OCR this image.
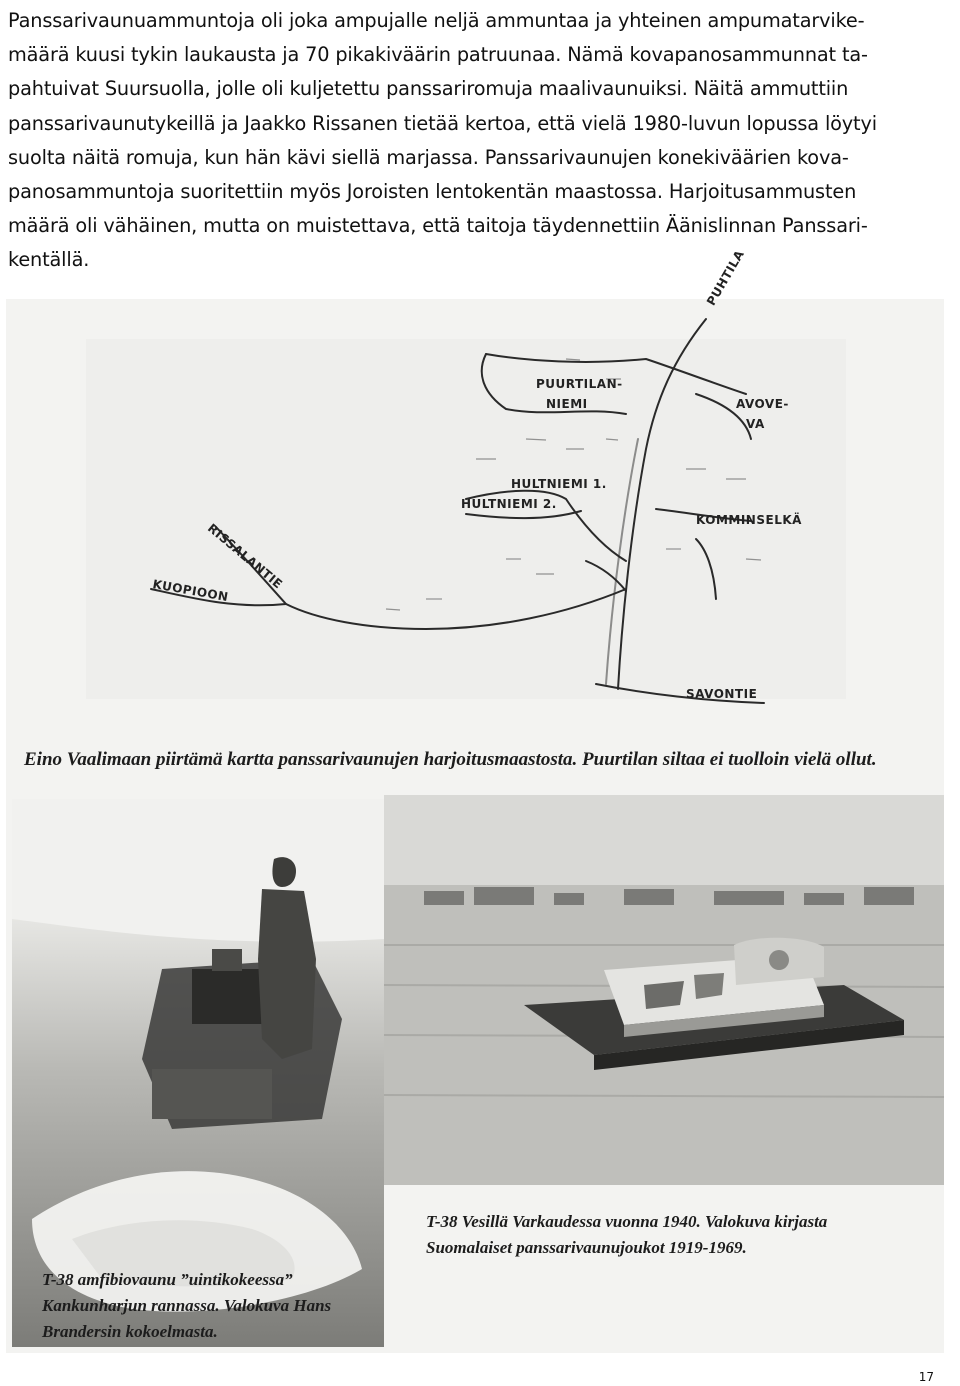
Panssarivaunuammuntoja oli joka ampujalle neljä ammuntaa ja yhteinen ampumatarvike-
määrä kuusi tykin laukausta ja 70 pikakiväärin patruunaa. Nämä kovapanosammunnat ta-
pahtuivat Suursuolla, jolle oli kuljetettu panssariromuja maalivaunuiksi. Näitä ammuttiin
panssarivaunutykeillä ja Jaakko Rissanen tietää kertoa, että vielä 1980-luvun lopussa löytyi
suolta näitä romuja, kun hän kävi siellä marjassa. Panssarivaunujen konekiväärien kova-
panosammuntoja suoritettiin myös Joroisten lentokentän maastossa. Harjoitusammusten
määrä oli vähäinen, mutta on muistettava, että taitoja täydennettiin Äänislinnan Panssari-
kentällä.	PUHTILA
PUURTILAN-
NIEMI	AVOVE-
VA
HULTNIEMI 1.
HULTNIEMI 2.
KOMMINSELKÄ
RISSALANTIE
KUOPIOON
SAVONTIE
Eino Vaalimaan piirtämä kartta panssarivaunujen harjoitusmaastosta. Puurtilan siltaa ei tuolloin vielä ollut.
T-38 amfibiovaunu ”uintikokeessa”
Kankunharjun rannassa. Valokuva Hans
Brandersin kokoelmasta.
T-38 Vesillä Varkaudessa vuonna 1940. Valokuva kirjasta
Suomalaiset panssarivaunujoukot 1919-1969.
17
